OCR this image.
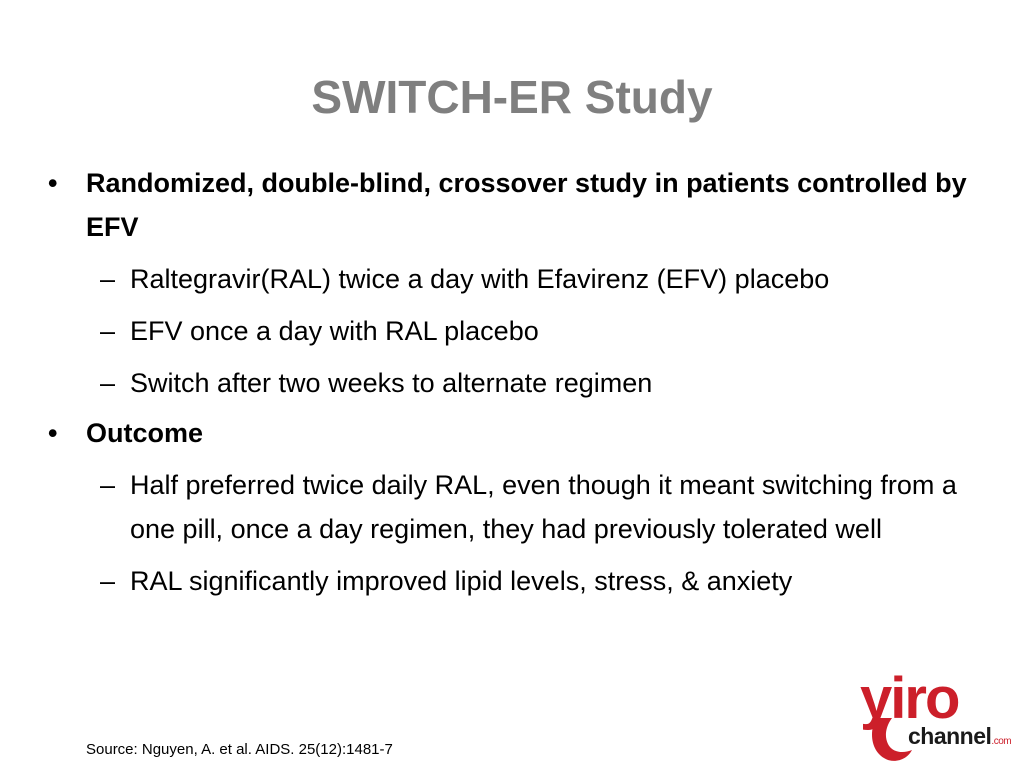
SWITCH-ER Study
•	Randomized, double-blind, crossover study in patients controlled by EFV
– Raltegravir(RAL) twice a day with Efavirenz (EFV) placebo
– EFV once a day with RAL placebo
– Switch after two weeks to alternate regimen
•	Outcome
– Half preferred twice daily RAL, even though it meant switching from a one pill, once a day regimen, they had previously tolerated well
– RAL significantly improved lipid levels, stress, & anxiety
Source: Nguyen, A. et al. AIDS. 25(12):1481-7
yiro
channel.com
